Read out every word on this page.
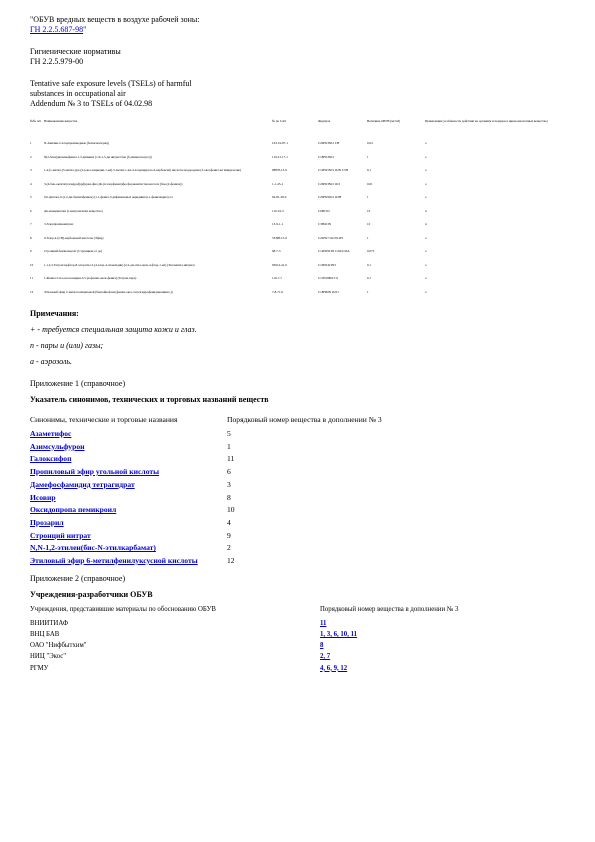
"ОБУВ вредных веществ в воздухе рабочей зоны:
ГН 2.2.5.687-98"

Гигиенические нормативы

ГН 2.2.5.979-00

Tentative safe exposure levels (TSELs) of harmful

substances in occupational air

Addendum № 3 to TSELs of 04.02.98

№№ п/п	Наименование вещества	№ по CAS	Формула	Величина ОБУВ (мг/м3)	Примечания (особенности действия на организм и порядок в цикле выхлопных вещества)
1	N-Анилин-2-хлорпроизводные (бензальхлорид)	163-19-87-1	C26H13NCl CH	0,04	а
2	N(2-бенз)диазинофенил-1,3-диамина (1 К-1,5-ди нитрил бен (б-аминоатолуол))	119-21-17-1	C18H13NCl	1	а
3	1,4-(1-метил-[5-метил-уре-(2-(оксо-пиридин-1-ил)-5-метил-1-ил-4-хлорпирроло-4-карбоксил) кислоты водородная (3-оксофенил-ил имидазолио)	98878-13-9	C19H15NCl O2N C5H	0,1	а
4	3-(4-бен-окситетрагидрофурфурил-фил-)К-(4-хлорфенил)фосфорноватистая кислота (бек-(2-фениле))	1-1-45-1	C26H13NCl OCl	0,01	а
5	0,0-Диэтил-0-(1,2-ди-бензилфениле) (1,1-фенил-3-дифениловых акридинил)-1-фенилакрил) ал	94-81-28-0	C20H19OCl O2H	1	а
6	Ди-изоцианатил (1-нитропентил вещество)	110-19-3	C6H15O	10	п
7	3-Хлорпропионитрил	13-9-1-1	C3H4ClN	10	п
8	0-Хлор-4-(СН)-карбоновой кислоты (Эфир)	53398-15-9	C22H17 O4 NC2H	1	а
9	Стронций-бензилацетат (Стронциан от де)	68-7-3	C14H19CIN C2O4 O2A	0,075	а
10	1,1,2,3-Тетрахлорфтор-8-хлорэтил 2-(4-хлор-4-эпоксидин) (2,2-ди-этил-окси-4-фтор-1-ил) (Эксаметил-нитрил)	93914-41-0	C19H14CIN3	0,1	а
11	1-Фенил-5-ил-оксазолидин-3,5-(4-фенил-окси-фенил) (Тетран-пара)	116-7-7	C11H19BrCl O	0,1	а
12	Этиловый эфир 2-метилсалициловой (бензойной ни (фенил-оксо-тетрагидрофенилдиазинил-))	7-8-71-0	C18H20N O2Cl	1	а

Примечания:

+ - требуется специальная защита кожи и глаз.

п - пары и (или) газы;

а - аэрозоль.

Приложение 1 (справочное)

Указатель синонимов, технических и торговых названий веществ

Синонимы, технические и торговые названия	Порядковый номер вещества в дополнении № 3
Азаметифос	5
Азимсульфурон	1
Галоксифоп	11
Пропиловый эфир угольной кислоты	6
Дамефосфамидид тетрагидрат	3
Исовир	8
Оксидопропа пемикроил	10
Прозарил	4
Стронций нитрат	9
N,N-1,2-этилен(бис-N-этилкарбамат)	2
Этиловый эфир 6-метилфенилуксусной кислоты	12

Приложение 2 (справочное)

Учреждения-разработчики ОБУВ

Учреждения, представившие материалы по обоснованию ОБУВ	Порядковый номер вещества в дополнении № 3
ВНИИТИАФ	11
ВНЦ БАВ	1, 3, 6, 10, 11
ОАО "Нифбытхим"	8
НИЦ "Экос"	2, 7
РГМУ	4, 6, 9, 12
